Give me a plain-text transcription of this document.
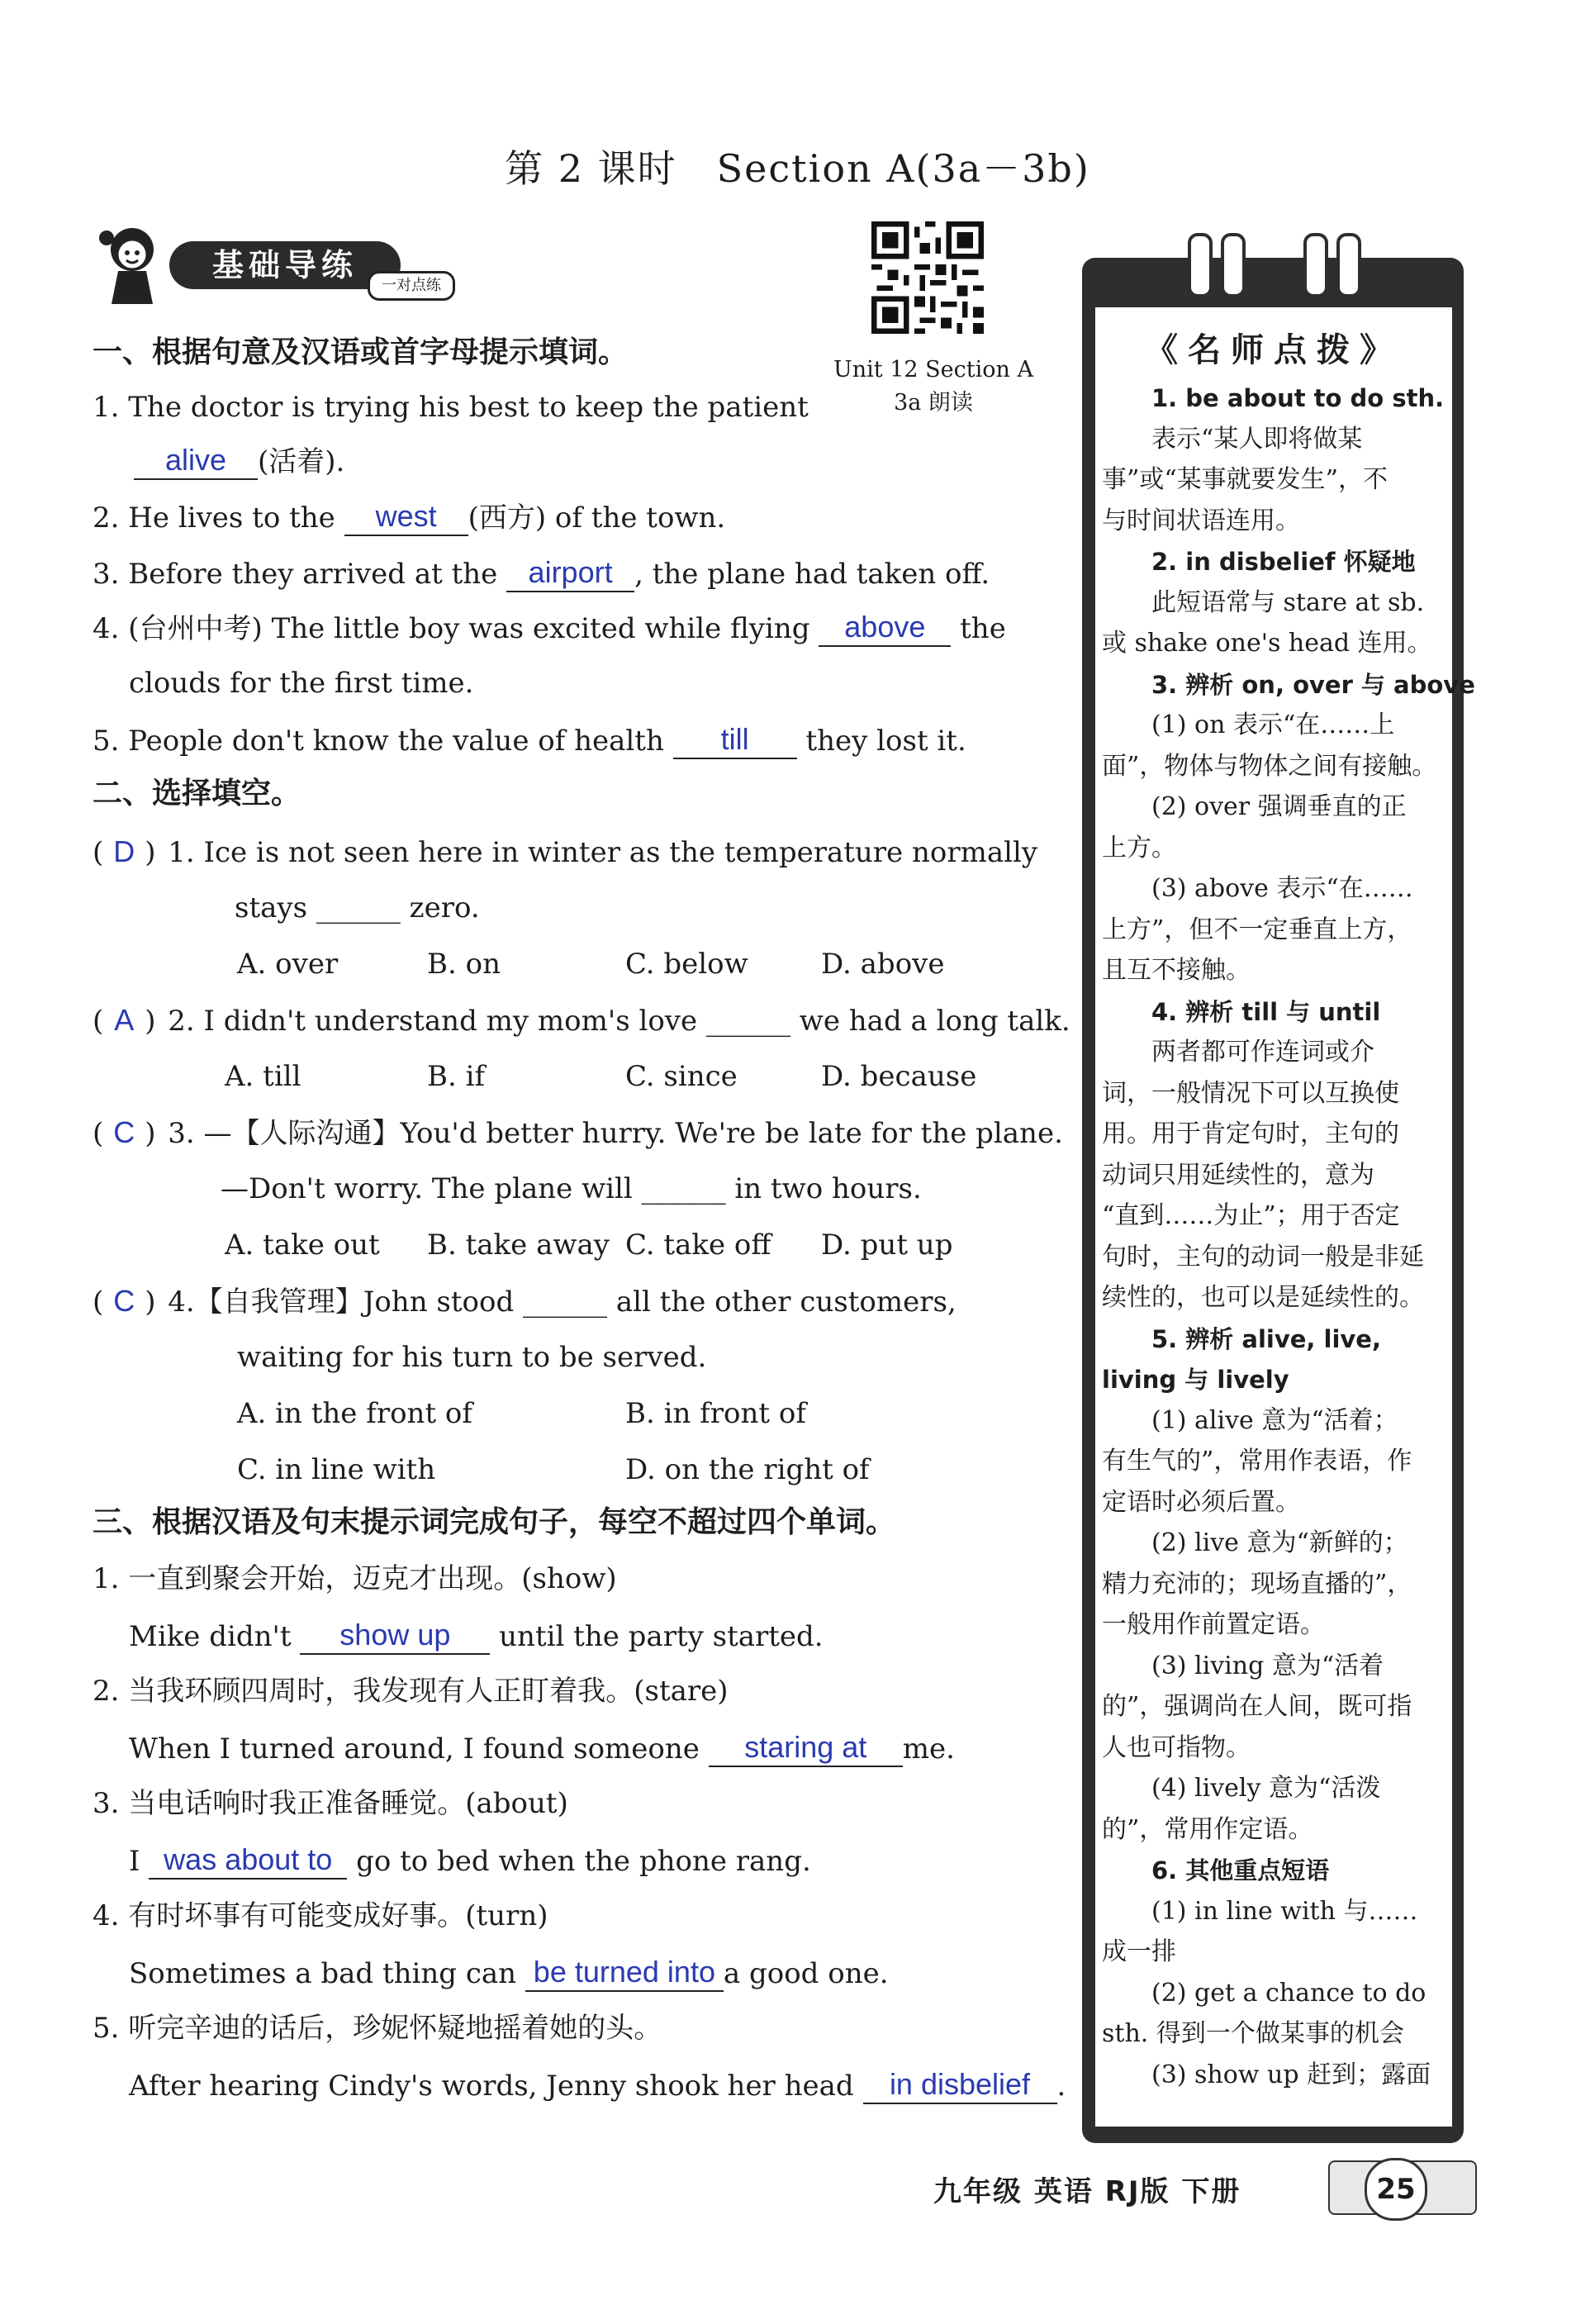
第 2 课时　Section A(3a－3b)
基础导练
一对点练
Unit 12 Section A
3a 朗读
一、根据句意及汉语或首字母提示填词。
1. The doctor is trying his best to keep the patient
alive (活着).
2. He lives to the west (西方) of the town.
3. Before they arrived at the airport , the plane had taken off.
4. (台州中考) The little boy was excited while flying above the
clouds for the first time.
5. People don't know the value of health till they lost it.
二、选择填空。
( D ) 1. Ice is not seen here in winter as the temperature normally
stays ______ zero.
A. over	B. on	C. below	D. above
( A ) 2. I didn't understand my mom's love ______ we had a long talk.
A. till	B. if	C. since	D. because
( C ) 3. —【人际沟通】You'd better hurry. We're be late for the plane.
—Don't worry. The plane will ______ in two hours.
A. take out B. take away C. take off D. put up
( C ) 4.【自我管理】John stood ______ all the other customers,
waiting for his turn to be served.
A. in the front of	B. in front of
C. in line with	D. on the right of
三、根据汉语及句末提示词完成句子，每空不超过四个单词。
1. 一直到聚会开始，迈克才出现。(show)
Mike didn't show up until the party started.
2. 当我环顾四周时，我发现有人正盯着我。(stare)
When I turned around, I found someone staring at me.
3. 当电话响时我正准备睡觉。(about)
I was about to go to bed when the phone rang.
4. 有时坏事有可能变成好事。(turn)
Sometimes a bad thing can be turned into a good one.
5. 听完辛迪的话后，珍妮怀疑地摇着她的头。
After hearing Cindy's words, Jenny shook her head in disbelief .
《名师点拨》
1. be about to do sth.
表示“某人即将做某
事”或“某事就要发生”，不
与时间状语连用。
2. in disbelief 怀疑地
此短语常与 stare at sb.
或 shake one's head 连用。
3. 辨析 on, over 与 above
(1) on 表示“在……上
面”，物体与物体之间有接触。
(2) over 强调垂直的正
上方。
(3) above 表示“在……
上方”，但不一定垂直上方，
且互不接触。
4. 辨析 till 与 until
两者都可作连词或介
词，一般情况下可以互换使
用。用于肯定句时，主句的
动词只用延续性的，意为
“直到……为止”；用于否定
句时，主句的动词一般是非延
续性的，也可以是延续性的。
5. 辨析 alive, live,
living 与 lively
(1) alive 意为“活着；
有生气的”，常用作表语，作
定语时必须后置。
(2) live 意为“新鲜的；
精力充沛的；现场直播的”，
一般用作前置定语。
(3) living 意为“活着
的”，强调尚在人间，既可指
人也可指物。
(4) lively 意为“活泼
的”，常用作定语。
6. 其他重点短语
(1) in line with 与……
成一排
(2) get a chance to do
sth. 得到一个做某事的机会
(3) show up 赶到；露面
九年级 英语 RJ版 下册	25
